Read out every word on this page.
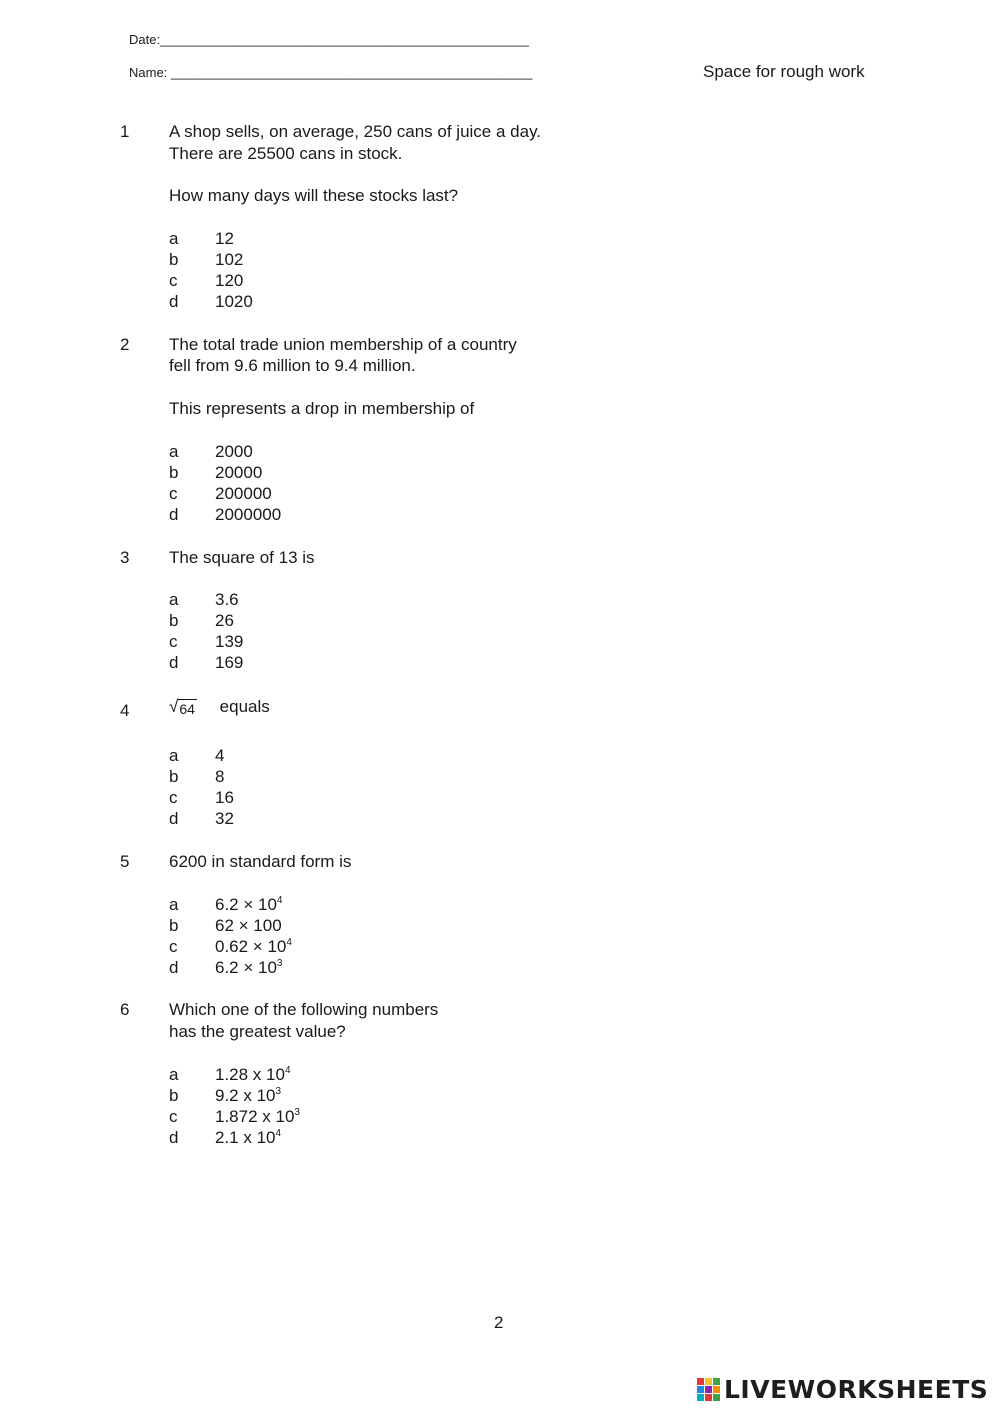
Date:___________________________________________________
Name: __________________________________________________	Space for rough work
1 A shop sells, on average, 250 cans of juice a day.
There are 25500 cans in stock.
How many days will these stocks last?
a 12
b 102
c 120
d 1020
2 The total trade union membership of a country
fell from 9.6 million to 9.4 million.
This represents a drop in membership of
a 2000
b 20000
c 200000
d 2000000
3 The square of 13 is
a 3.6
b 26
c 139
d 169
4 √ 64 equals
a 4
b 8
c 16
d 32
5 6200 in standard form is
a $6.2 \times 10^4$
b 62 × 100
c $0.62 \times 10^4$
d $6.2 \times 10^3$
6 Which one of the following numbers
has the greatest value?
a 1.28 x $10^4$
b 9.2 x $10^3$
c 1.872 x $10^3$
d 2.1 x $10^4$
2
LIVEWORKSHEETS
